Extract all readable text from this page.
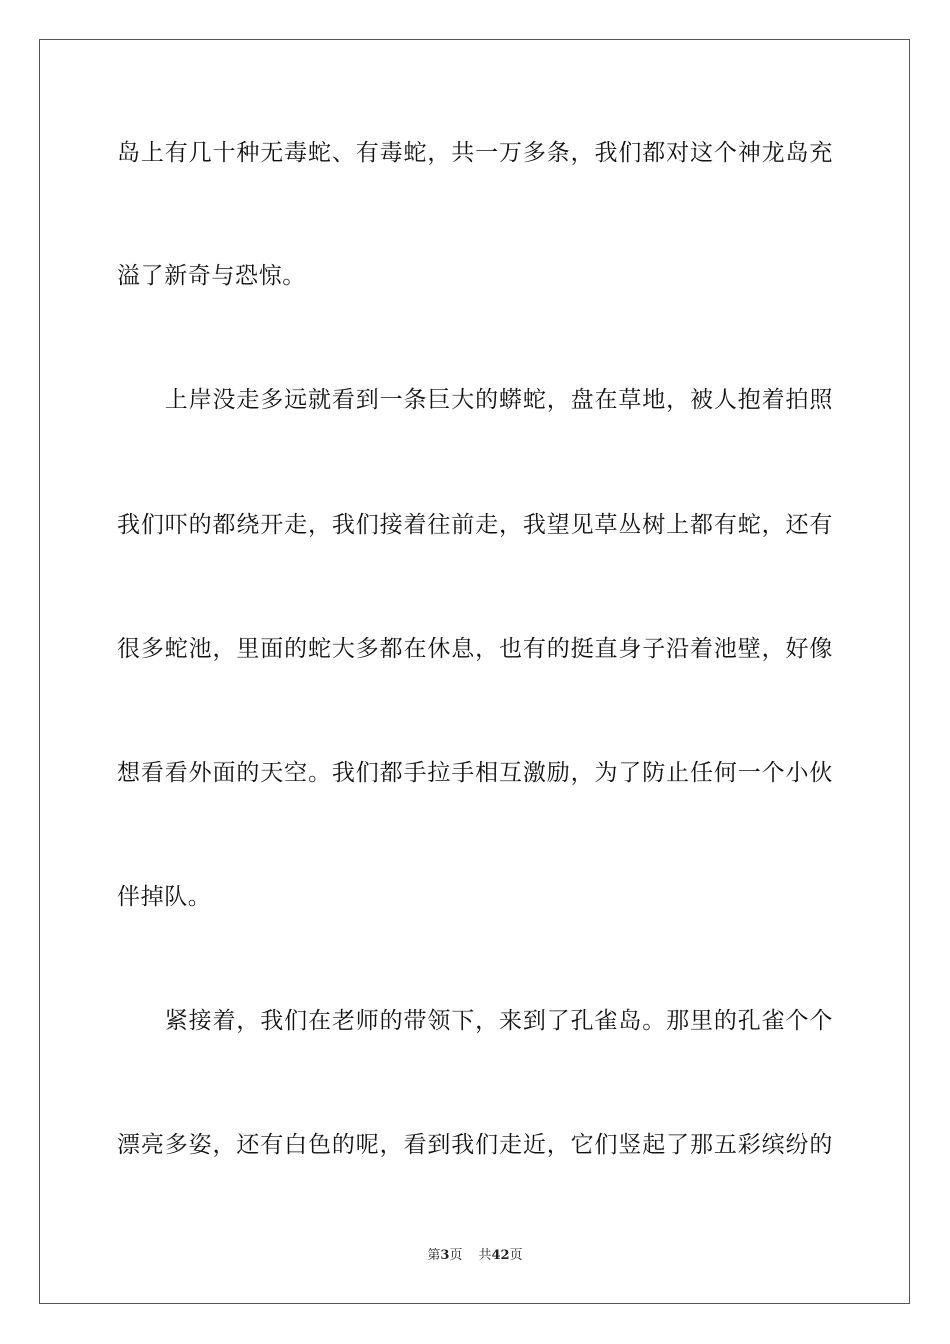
岛上有几十种无毒蛇、有毒蛇，共一万多条，我们都对这个神龙岛充
溢了新奇与恐惊。
　　上岸没走多远就看到一条巨大的蟒蛇，盘在草地，被人抱着拍照
我们吓的都绕开走，我们接着往前走，我望见草丛树上都有蛇，还有
很多蛇池，里面的蛇大多都在休息，也有的挺直身子沿着池壁，好像
想看看外面的天空。我们都手拉手相互激励，为了防止任何一个小伙
伴掉队。
　　紧接着，我们在老师的带领下，来到了孔雀岛。那里的孔雀个个
漂亮多姿，还有白色的呢，看到我们走近，它们竖起了那五彩缤纷的
第3页 共42页
